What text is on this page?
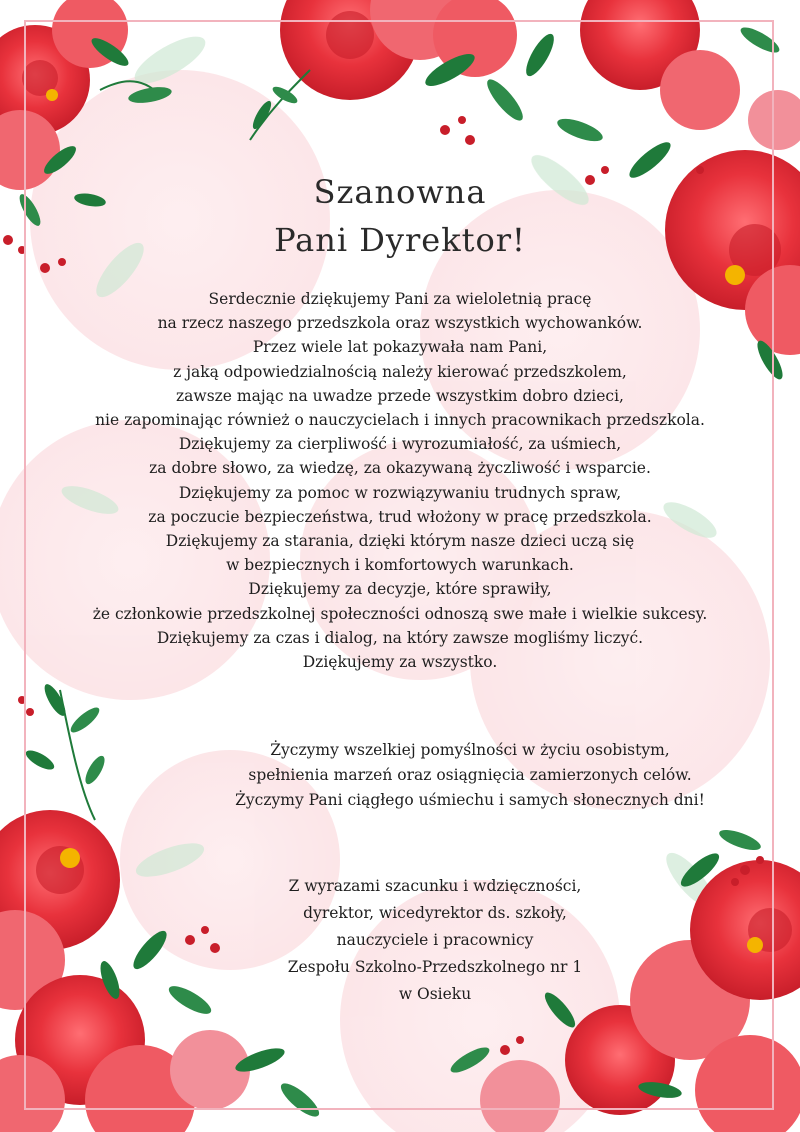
Szanowna
Pani Dyrektor!
Serdecznie dziękujemy Pani za wieloletnią pracę
na rzecz naszego przedszkola oraz wszystkich wychowanków.
Przez wiele lat pokazywała nam Pani,
z jaką odpowiedzialnością należy kierować przedszkolem,
zawsze mając na uwadze przede wszystkim dobro dzieci,
nie zapominając również o nauczycielach i innych pracownikach przedszkola.
Dziękujemy za cierpliwość i wyrozumiałość, za uśmiech,
za dobre słowo, za wiedzę, za okazywaną życzliwość i wsparcie.
Dziękujemy za pomoc w rozwiązywaniu trudnych spraw,
za poczucie bezpieczeństwa, trud włożony w pracę przedszkola.
Dziękujemy za starania, dzięki którym nasze dzieci uczą się
w bezpiecznych i komfortowych warunkach.
Dziękujemy za decyzje, które sprawiły,
że członkowie przedszkolnej społeczności odnoszą swe małe i wielkie sukcesy.
Dziękujemy za czas i dialog, na który zawsze mogliśmy liczyć.
Dziękujemy za wszystko.
Życzymy wszelkiej pomyślności w życiu osobistym,
spełnienia marzeń oraz osiągnięcia zamierzonych celów.
Życzymy Pani ciągłego uśmiechu i samych słonecznych dni!
Z wyrazami szacunku i wdzięczności,
dyrektor, wicedyrektor ds. szkoły,
nauczyciele i pracownicy
Zespołu Szkolno-Przedszkolnego nr 1
w Osieku
